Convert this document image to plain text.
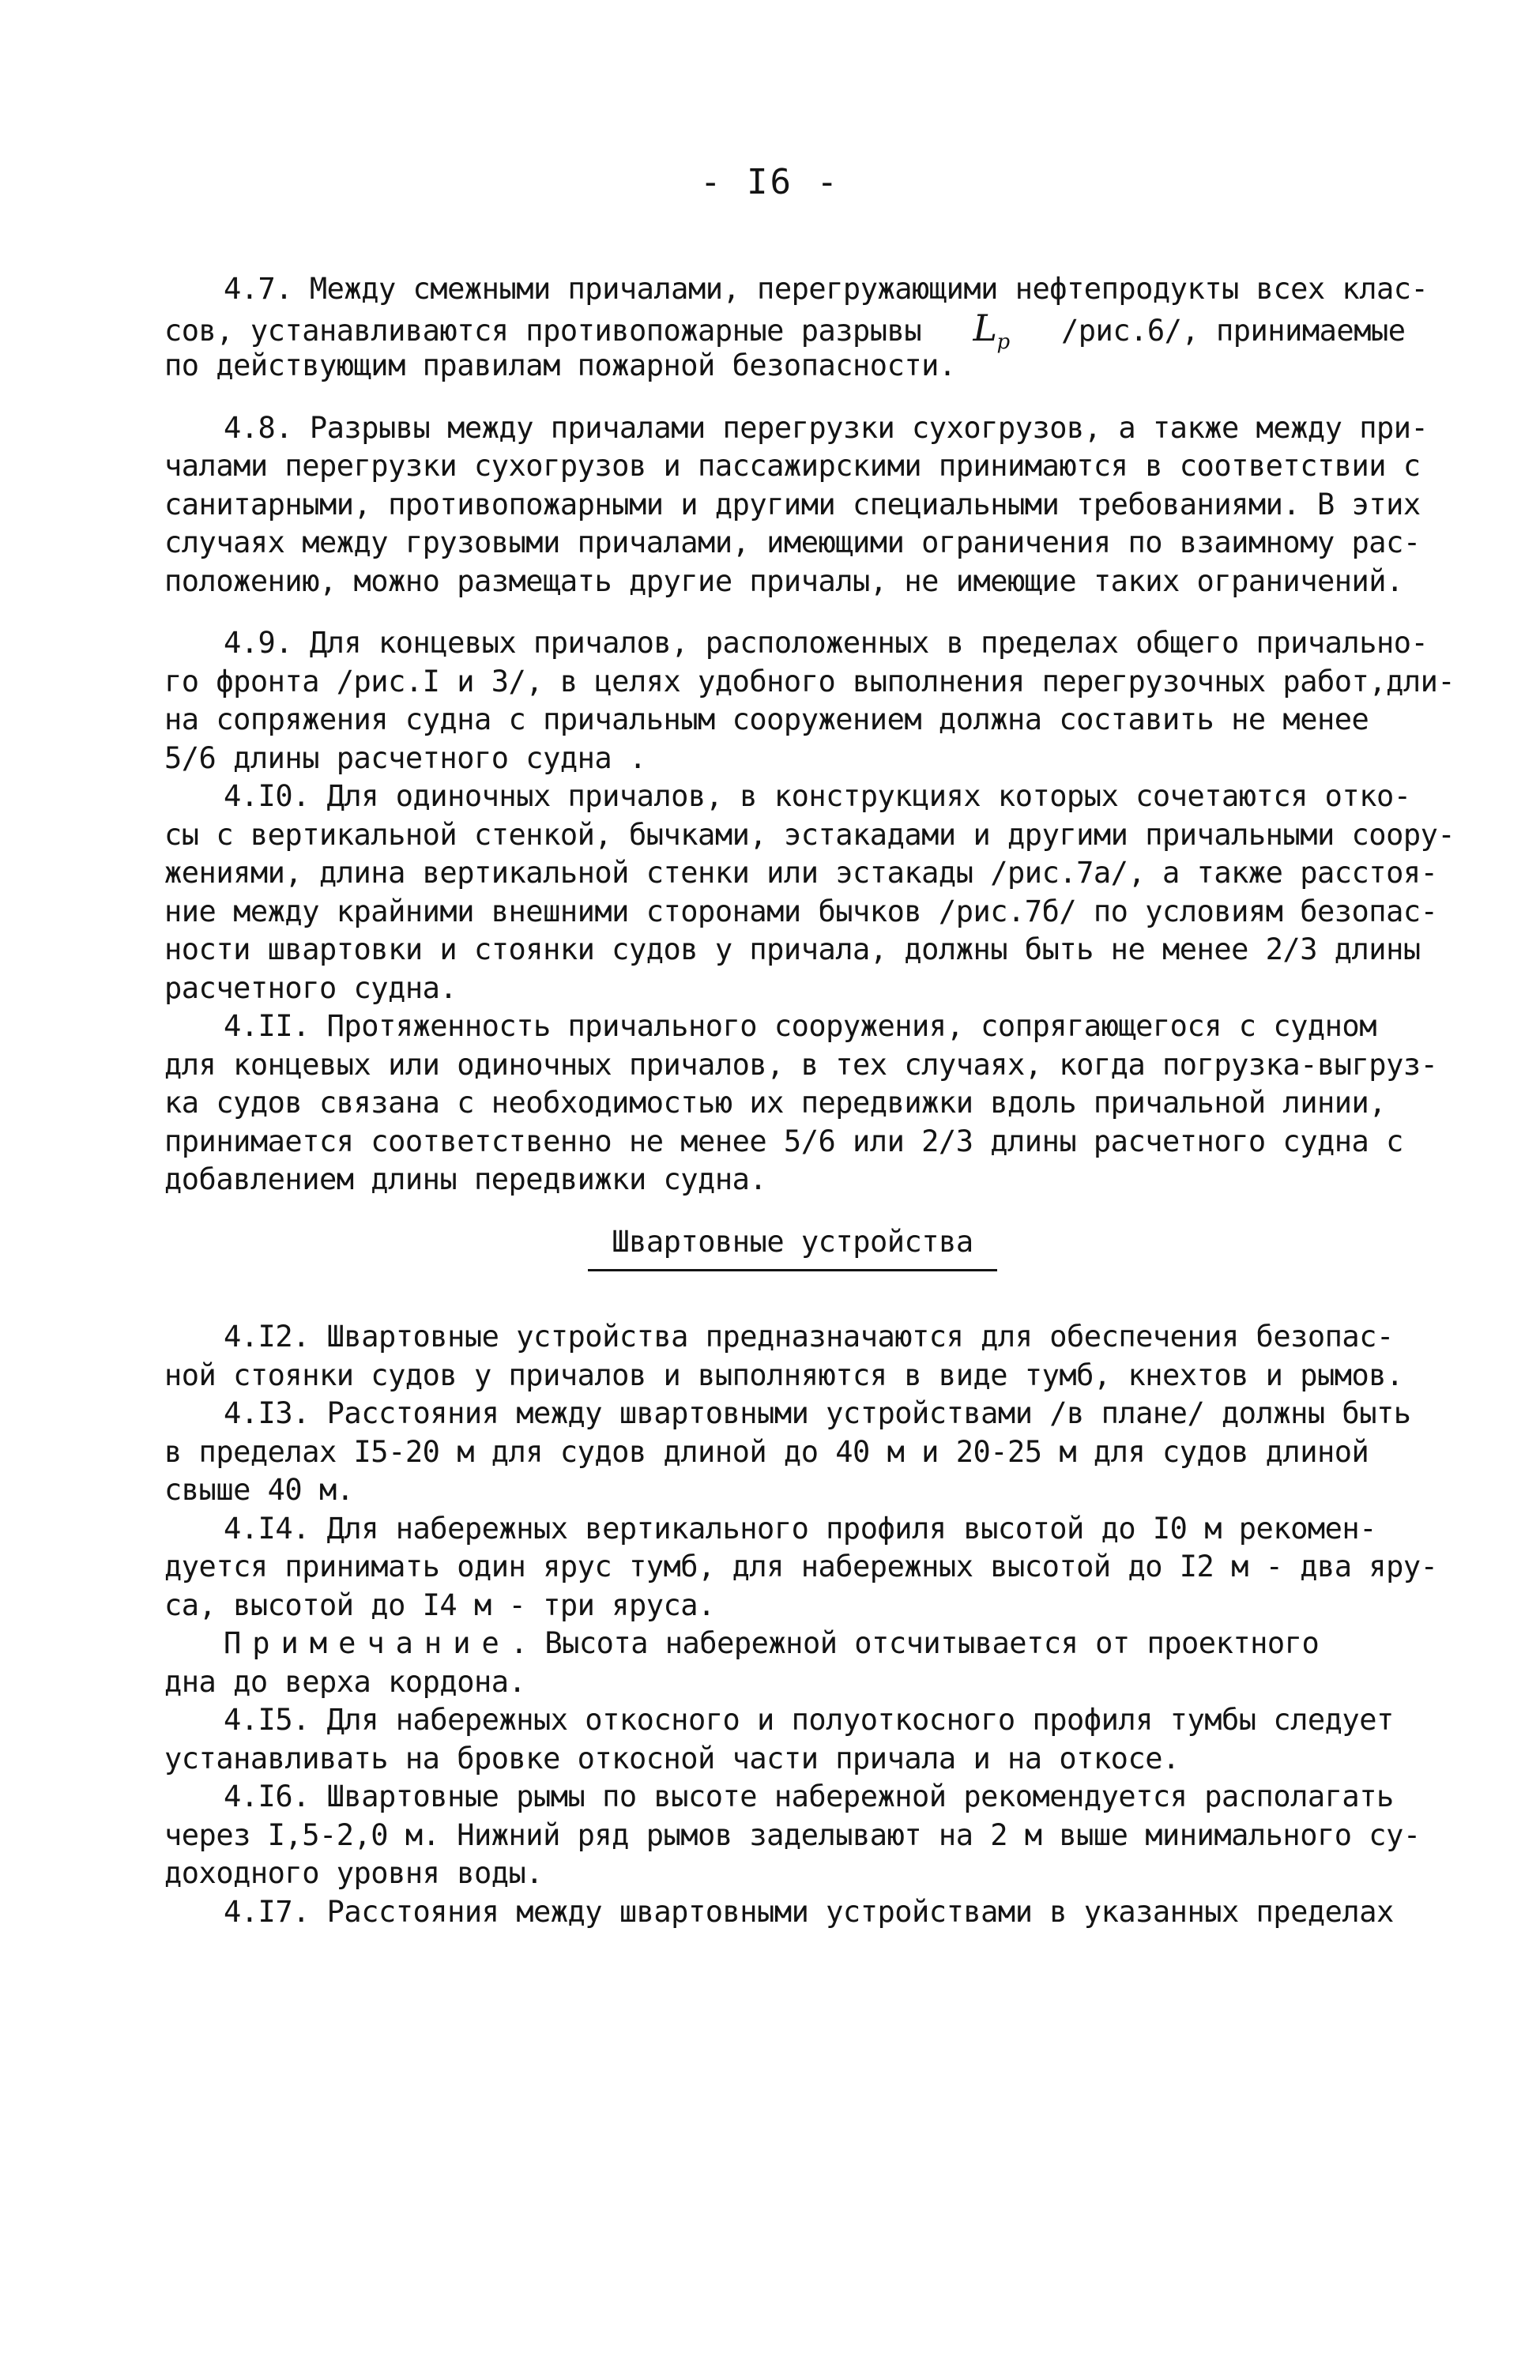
- I6 -
4.7. Между смежными причалами, перегружающими нефтепродукты всех клас-
сов, устанавливаются противопожарные разрывы $L_p$ /рис.6/, принимаемые
по действующим правилам пожарной безопасности.
4.8. Разрывы между причалами перегрузки сухогрузов, а также между при-
чалами перегрузки сухогрузов и пассажирскими принимаются в соответствии с
санитарными, противопожарными и другими специальными требованиями. В этих
случаях между грузовыми причалами, имеющими ограничения по взаимному рас-
положению, можно размещать другие причалы, не имеющие таких ограничений.
4.9. Для концевых причалов, расположенных в пределах общего причально-
го фронта /рис.I и 3/, в целях удобного выполнения перегрузочных работ,дли-
на сопряжения судна с причальным сооружением должна составить не менее
5/6 длины расчетного судна .
4.I0. Для одиночных причалов, в конструкциях которых сочетаются отко-
сы с вертикальной стенкой, бычками, эстакадами и другими причальными соору-
жениями, длина вертикальной стенки или эстакады /рис.7а/, а также расстоя-
ние между крайними внешними сторонами бычков /рис.7б/ по условиям безопас-
ности швартовки и стоянки судов у причала, должны быть не менее 2/3 длины
расчетного судна.
4.II. Протяженность причального сооружения, сопрягающегося с судном
для концевых или одиночных причалов, в тех случаях, когда погрузка-выгруз-
ка судов связана с необходимостью их передвижки вдоль причальной линии,
принимается соответственно не менее 5/6 или 2/3 длины расчетного судна с
добавлением длины передвижки судна.
Швартовные устройства
4.I2. Швартовные устройства предназначаются для обеспечения безопас-
ной стоянки судов у причалов и выполняются в виде тумб, кнехтов и рымов.
4.I3. Расстояния между швартовными устройствами /в плане/ должны быть
в пределах I5-20 м для судов длиной до 40 м и 20-25 м для судов длиной
свыше 40 м.
4.I4. Для набережных вертикального профиля высотой до I0 м рекомен-
дуется принимать один ярус тумб, для набережных высотой до I2 м - два яру-
са, высотой до I4 м - три яруса.
Примечание. Высота набережной отсчитывается от проектного
дна до верха кордона.
4.I5. Для набережных откосного и полуоткосного профиля тумбы следует
устанавливать на бровке откосной части причала и на откосе.
4.I6. Швартовные рымы по высоте набережной рекомендуется располагать
через I,5-2,0 м. Нижний ряд рымов заделывают на 2 м выше минимального су-
доходного уровня воды.
4.I7. Расстояния между швартовными устройствами в указанных пределах
